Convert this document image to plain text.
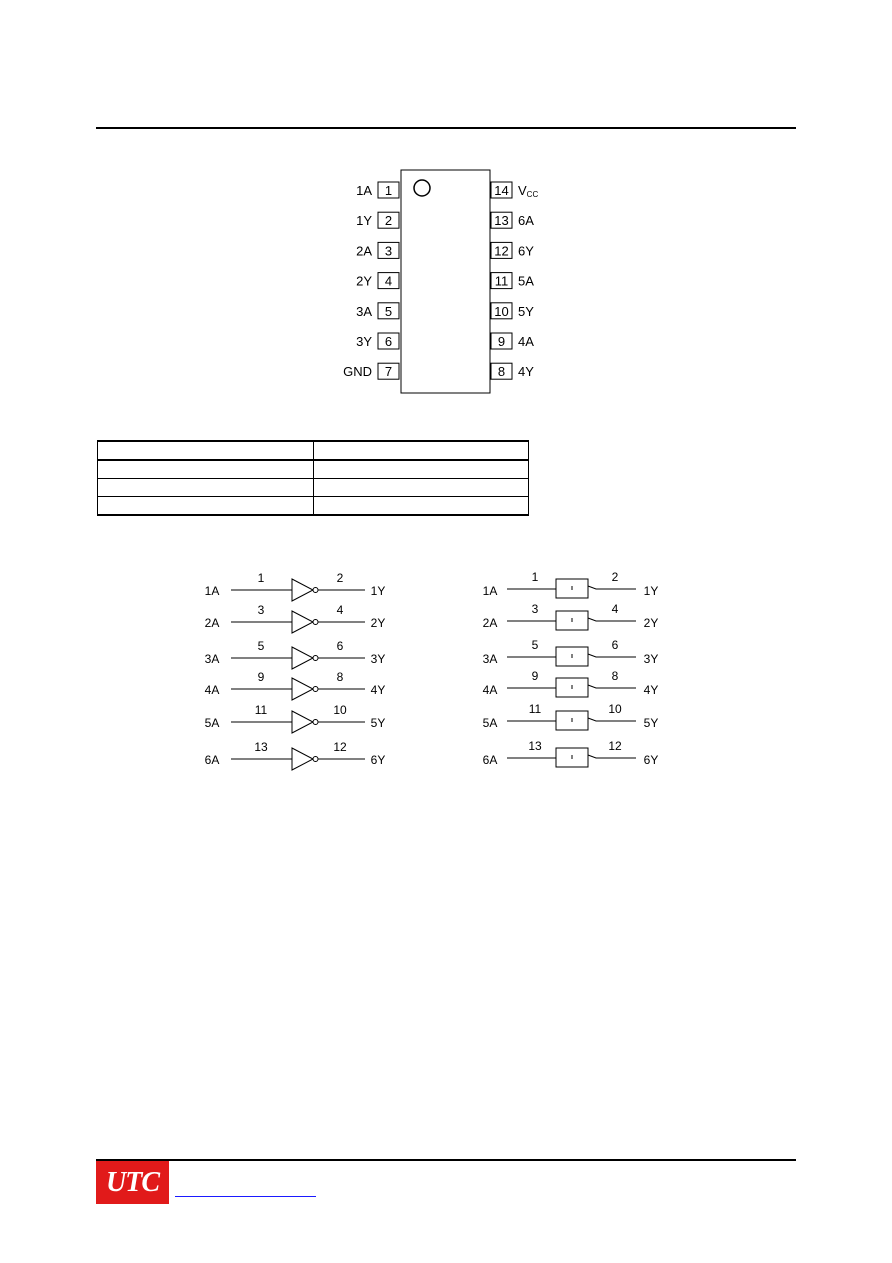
1
1A
2
1Y
3
2A
4
2Y
5
3A
6
3Y
7
GND
14 VCC
13 6A
12 6Y
11 5A
10 5Y
9 4A
8 4Y
1A
1	2
1Y
2A
3	4
2Y
3A
5	6
3Y
4A
9	8
4Y
5A
11	10
5Y
6A
13	12
6Y
1A
1	2
1Y
2A
3	4
2Y
3A
5	6
3Y
4A
9	8
4Y
5A
11	10
5Y
6A
13	12
6Y

UTC
